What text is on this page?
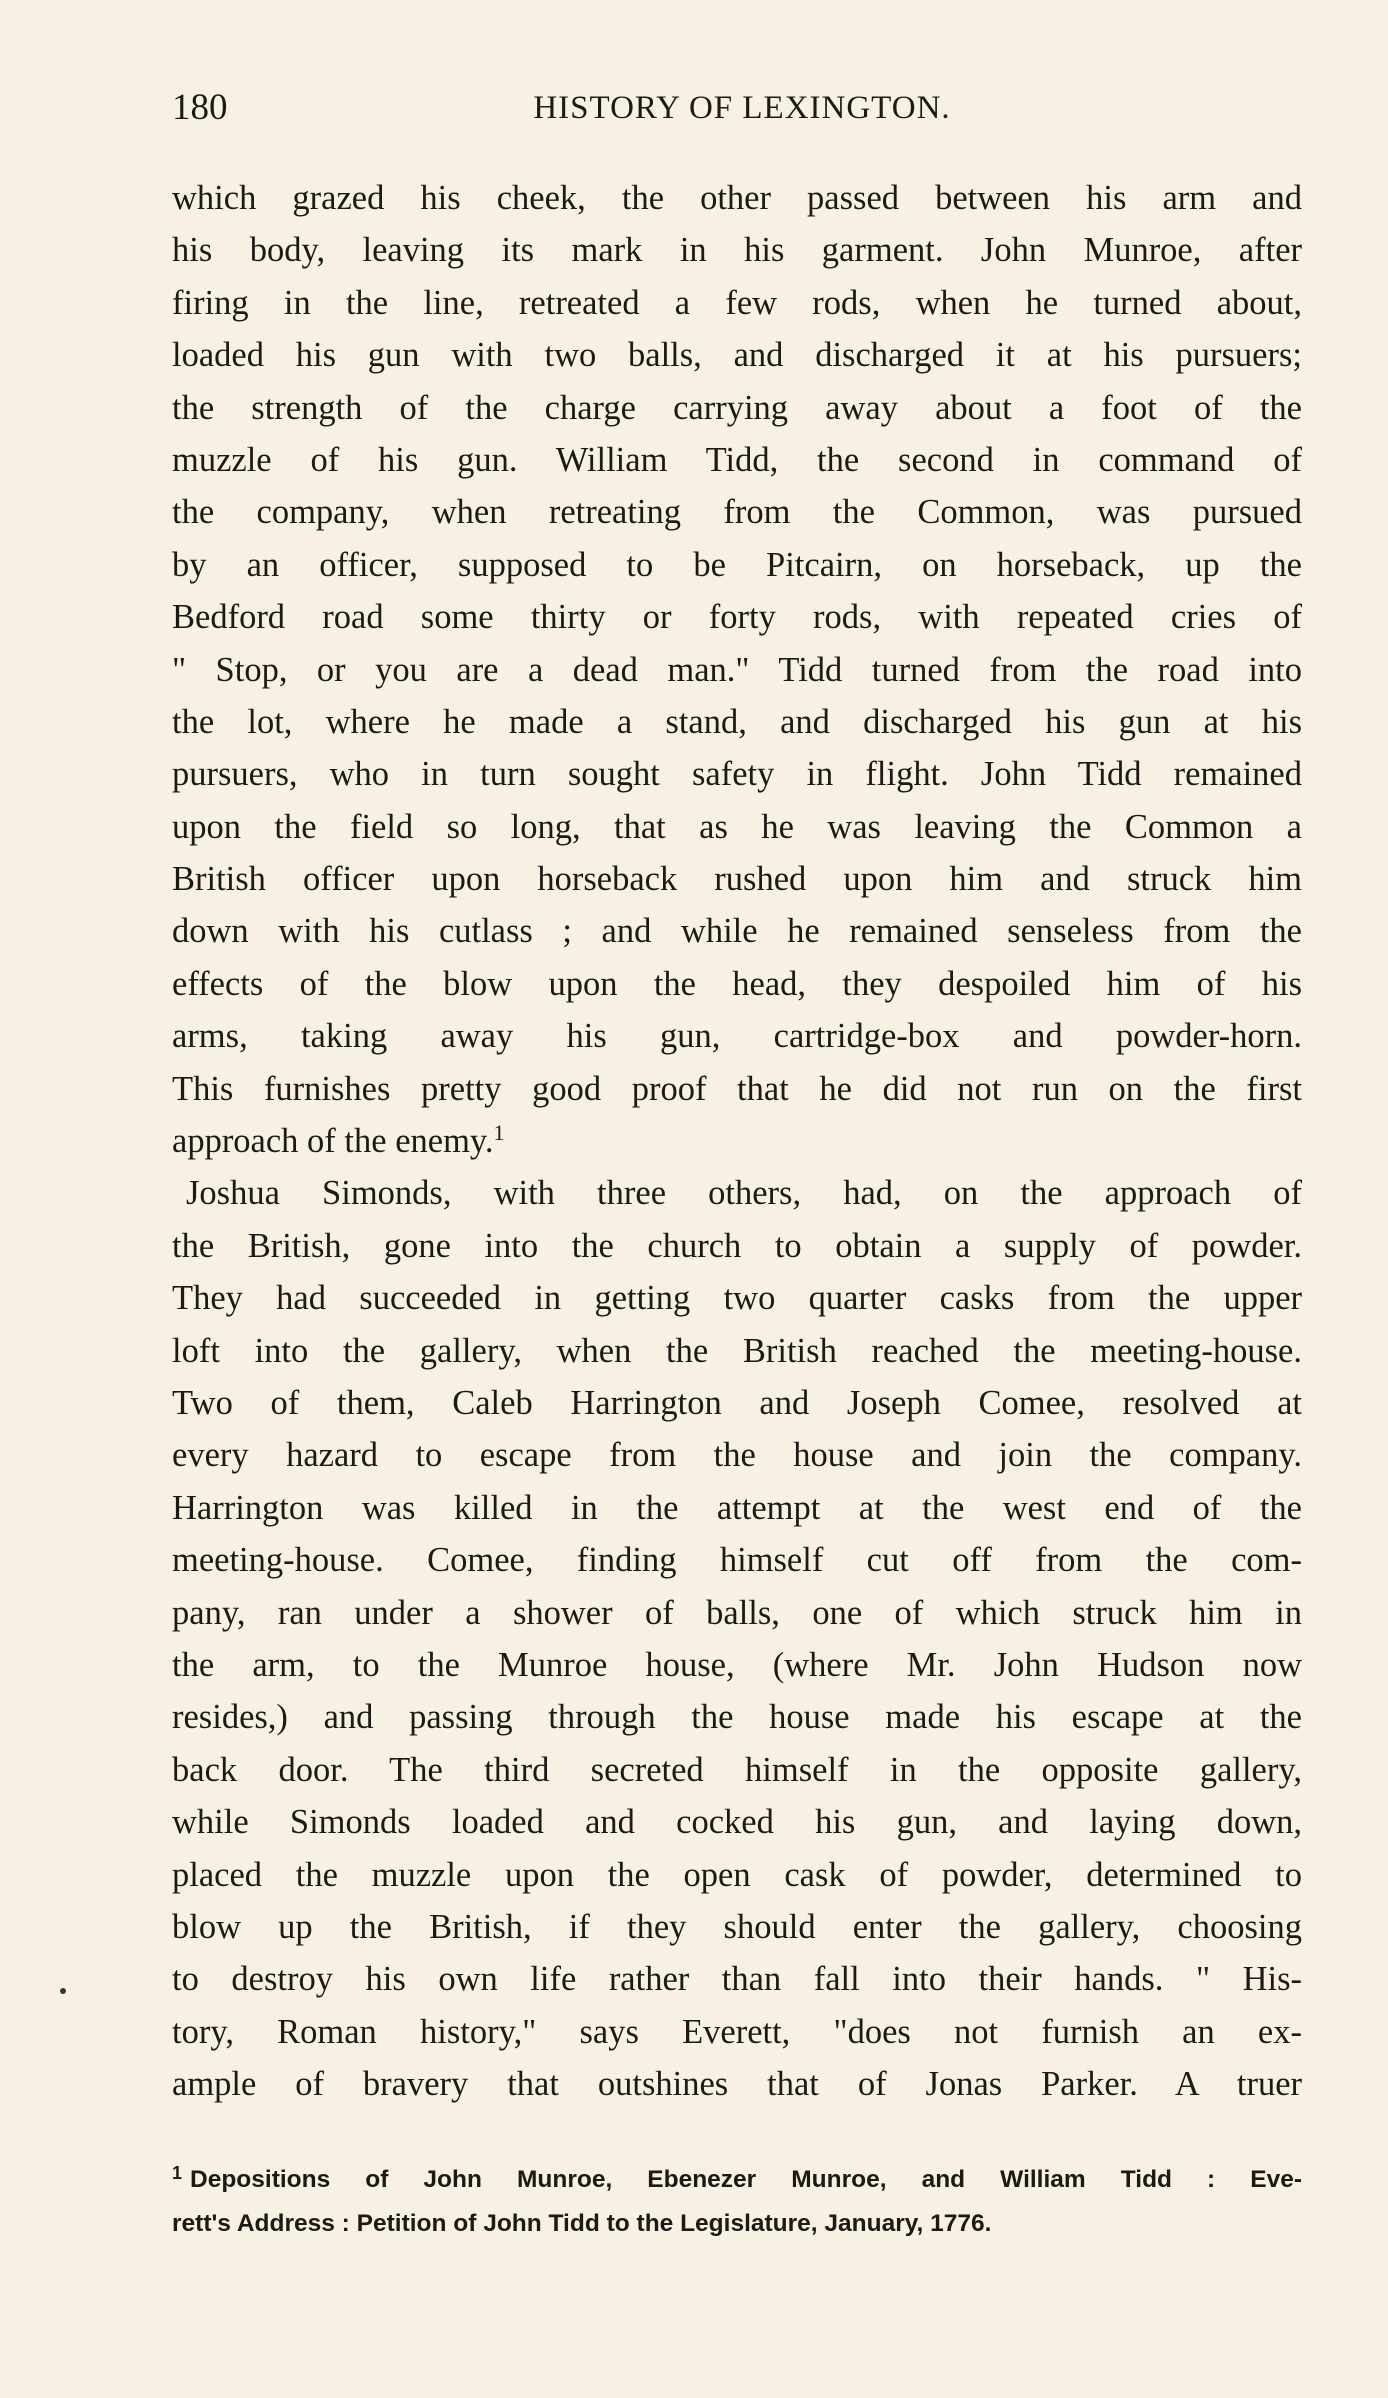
180	HISTORY OF LEXINGTON.
which grazed his cheek, the other passed between his arm and
his body, leaving its mark in his garment. John Munroe, after
firing in the line, retreated a few rods, when he turned about,
loaded his gun with two balls, and discharged it at his pursuers;
the strength of the charge carrying away about a foot of the
muzzle of his gun. William Tidd, the second in command of
the company, when retreating from the Common, was pursued
by an officer, supposed to be Pitcairn, on horseback, up the
Bedford road some thirty or forty rods, with repeated cries of
" Stop, or you are a dead man." Tidd turned from the road into
the lot, where he made a stand, and discharged his gun at his
pursuers, who in turn sought safety in flight. John Tidd remained
upon the field so long, that as he was leaving the Common a
British officer upon horseback rushed upon him and struck him
down with his cutlass ; and while he remained senseless from the
effects of the blow upon the head, they despoiled him of his
arms, taking away his gun, cartridge-box and powder-horn.
This furnishes pretty good proof that he did not run on the first
approach of the enemy.$^1$
Joshua Simonds, with three others, had, on the approach of
the British, gone into the church to obtain a supply of powder.
They had succeeded in getting two quarter casks from the upper
loft into the gallery, when the British reached the meeting-house.
Two of them, Caleb Harrington and Joseph Comee, resolved at
every hazard to escape from the house and join the company.
Harrington was killed in the attempt at the west end of the
meeting-house. Comee, finding himself cut off from the com-
pany, ran under a shower of balls, one of which struck him in
the arm, to the Munroe house, (where Mr. John Hudson now
resides,) and passing through the house made his escape at the
back door. The third secreted himself in the opposite gallery,
while Simonds loaded and cocked his gun, and laying down,
placed the muzzle upon the open cask of powder, determined to
blow up the British, if they should enter the gallery, choosing
to destroy his own life rather than fall into their hands. " His-
tory, Roman history," says Everett, "does not furnish an ex-
ample of bravery that outshines that of Jonas Parker. A truer
$^1$ Depositions of John Munroe, Ebenezer Munroe, and William Tidd : Eve-
rett's Address : Petition of John Tidd to the Legislature, January, 1776.
